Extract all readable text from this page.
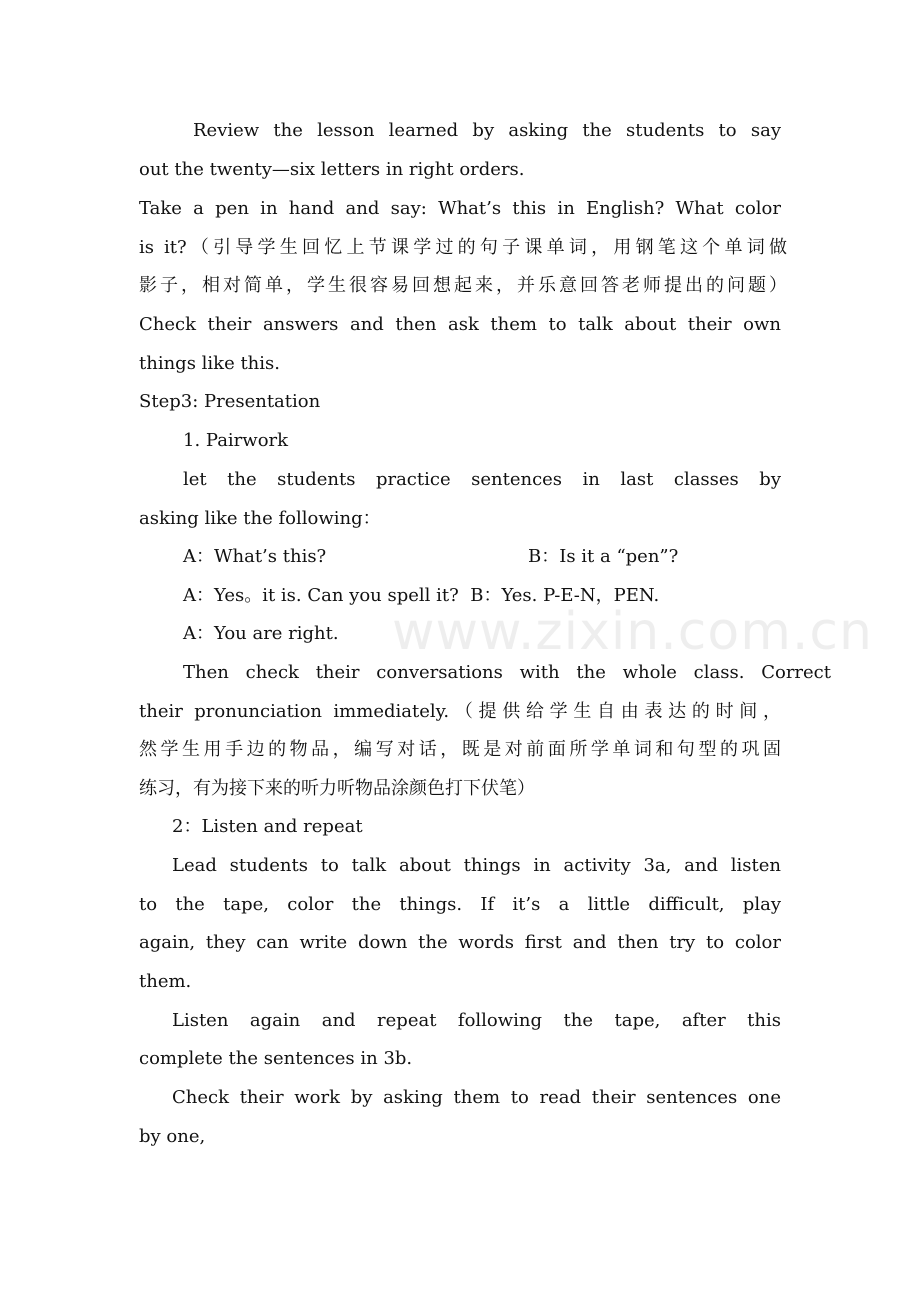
Review the lesson learned by asking the students to say

out the twenty—six letters in right orders.

Take a pen in hand and say: What’s this in English? What color

is it?（引导学生回忆上节课学过的句子课单词，用钢笔这个单词做

影子，相对简单，学生很容易回想起来，并乐意回答老师提出的问题）

Check their answers and then ask them to talk about their own

things like this.

Step3: Presentation

1. Pairwork

let the students practice sentences in last classes by

asking like the following：

A：What’s this?	B：Is it a “pen”?

A：Yes。it is. Can you spell it?  B：Yes. P-E-N，PEN.

A：You are right.

Then check their conversations with the whole class. Correct

their pronunciation immediately.（提供给学生自由表达的时间，

然学生用手边的物品，编写对话，既是对前面所学单词和句型的巩固

练习，有为接下来的听力听物品涂颜色打下伏笔）

2：Listen and repeat

Lead students to talk about things in activity 3a, and listen

to the tape, color the things. If it’s a little difficult, play

again, they can write down the words first and then try to color

them.

Listen again and repeat following the tape, after this

complete the sentences in 3b.

Check their work by asking them to read their sentences one

by one,

www.zixin.com.cn
